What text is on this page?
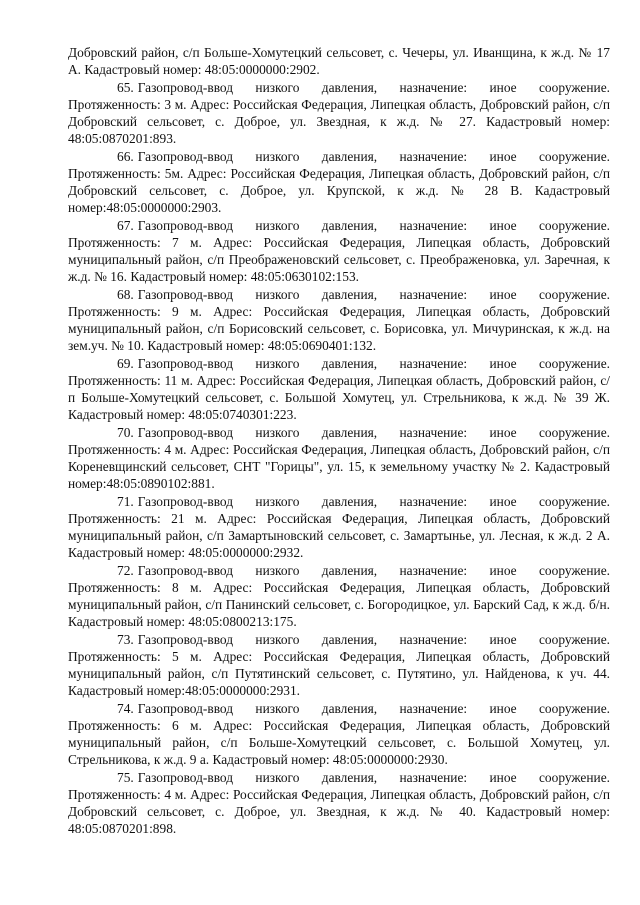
Добровский район, с/п Больше-Хомутецкий сельсовет, с. Чечеры, ул. Иванщина, к ж.д. № 17 А. Кадастровый номер: 48:05:0000000:2902.

65. Газопровод-ввод низкого давления, назначение: иное сооружение. Протяженность: 3 м. Адрес: Российская Федерация, Липецкая область, Добровский район, с/п Добровский сельсовет, с. Доброе, ул. Звездная, к ж.д. № 27. Кадастровый номер: 48:05:0870201:893.

66. Газопровод-ввод низкого давления, назначение: иное сооружение. Протяженность: 5м. Адрес: Российская Федерация, Липецкая область, Добровский район, с/п Добровский сельсовет, с. Доброе, ул. Крупской, к ж.д. № 28 В. Кадастровый номер:48:05:0000000:2903.

67. Газопровод-ввод низкого давления, назначение: иное сооружение. Протяженность: 7 м. Адрес: Российская Федерация, Липецкая область, Добровский муниципальный район, с/п Преображеновский сельсовет, с. Преображеновка, ул. Заречная, к ж.д. № 16. Кадастровый номер: 48:05:0630102:153.

68. Газопровод-ввод низкого давления, назначение: иное сооружение. Протяженность: 9 м. Адрес: Российская Федерация, Липецкая область, Добровский муниципальный район, с/п Борисовский сельсовет, с. Борисовка, ул. Мичуринская, к ж.д. на зем.уч. № 10. Кадастровый номер: 48:05:0690401:132.

69. Газопровод-ввод низкого давления, назначение: иное сооружение. Протяженность: 11 м. Адрес: Российская Федерация, Липецкая область, Добровский район, с/п Больше-Хомутецкий сельсовет, с. Большой Хомутец, ул. Стрельникова, к ж.д. № 39 Ж. Кадастровый номер: 48:05:0740301:223.

70. Газопровод-ввод низкого давления, назначение: иное сооружение. Протяженность: 4 м. Адрес: Российская Федерация, Липецкая область, Добровский район, с/п Кореневщинский сельсовет, СНТ "Горицы", ул. 15, к земельному участку № 2. Кадастровый номер:48:05:0890102:881.

71. Газопровод-ввод низкого давления, назначение: иное сооружение. Протяженность: 21 м. Адрес: Российская Федерация, Липецкая область, Добровский муниципальный район, с/п Замартыновский сельсовет, с. Замартынье, ул. Лесная, к ж.д. 2 А. Кадастровый номер: 48:05:0000000:2932.

72. Газопровод-ввод низкого давления, назначение: иное сооружение. Протяженность: 8 м. Адрес: Российская Федерация, Липецкая область, Добровский муниципальный район, с/п Панинский сельсовет, с. Богородицкое, ул. Барский Сад, к ж.д. б/н. Кадастровый номер: 48:05:0800213:175.

73. Газопровод-ввод низкого давления, назначение: иное сооружение. Протяженность: 5 м. Адрес: Российская Федерация, Липецкая область, Добровский муниципальный район, с/п Путятинский сельсовет, с. Путятино, ул. Найденова, к уч. 44. Кадастровый номер:48:05:0000000:2931.

74. Газопровод-ввод низкого давления, назначение: иное сооружение. Протяженность: 6 м. Адрес: Российская Федерация, Липецкая область, Добровский муниципальный район, с/п Больше-Хомутецкий сельсовет, с. Большой Хомутец, ул. Стрельникова, к ж.д. 9 а. Кадастровый номер: 48:05:0000000:2930.

75. Газопровод-ввод низкого давления, назначение: иное сооружение. Протяженность: 4 м. Адрес: Российская Федерация, Липецкая область, Добровский район, с/п Добровский сельсовет, с. Доброе, ул. Звездная, к ж.д. № 40. Кадастровый номер: 48:05:0870201:898.
